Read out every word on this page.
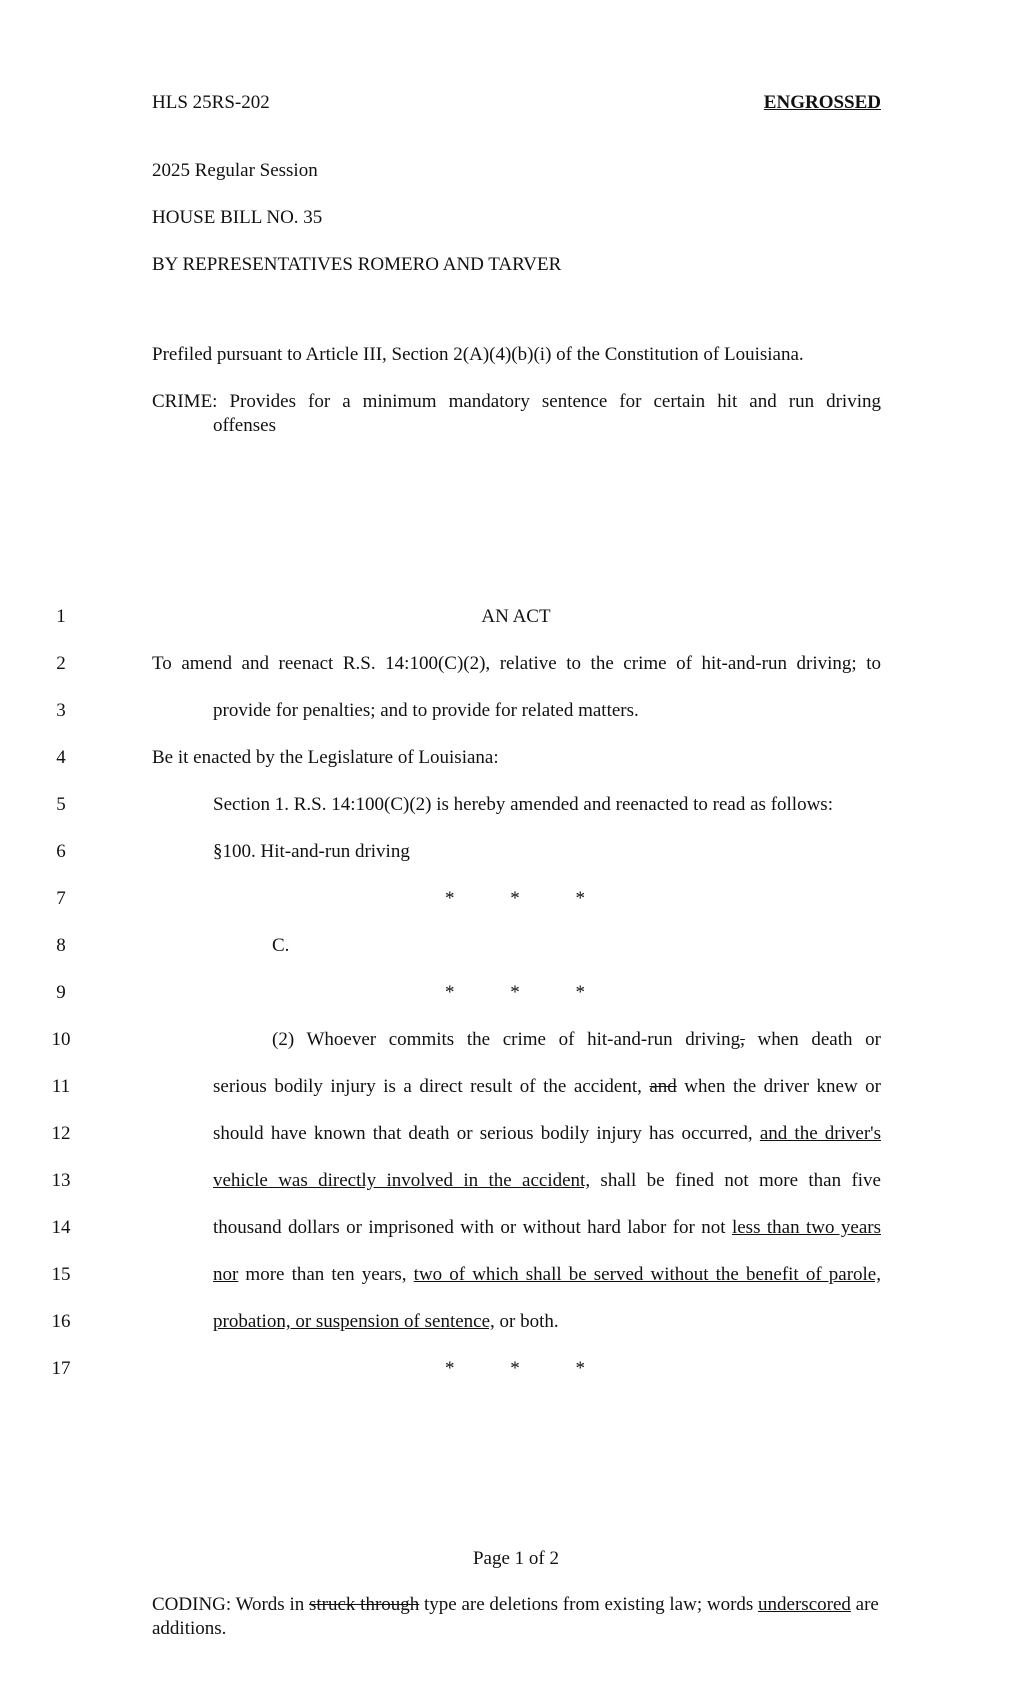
HLS 25RS-202	ENGROSSED
2025 Regular Session
HOUSE BILL NO. 35
BY REPRESENTATIVES ROMERO AND TARVER
Prefiled pursuant to Article III, Section 2(A)(4)(b)(i) of the Constitution of Louisiana.
CRIME: Provides for a minimum mandatory sentence for certain hit and run driving
offenses
1
2
3
4
5
6
7
8
9
10
11
12
13
14
15
16
17
AN ACT
To amend and reenact R.S. 14:100(C)(2), relative to the crime of hit-and-run driving; to
provide for penalties; and to provide for related matters.
Be it enacted by the Legislature of Louisiana:
Section 1. R.S. 14:100(C)(2) is hereby amended and reenacted to read as follows:
§100. Hit-and-run driving
*	*	*
C.
*	*	*
(2) Whoever commits the crime of hit-and-run driving, when death or
serious bodily injury is a direct result of the accident, and when the driver knew or
should have known that death or serious bodily injury has occurred, and the driver's
vehicle was directly involved in the accident, shall be fined not more than five
thousand dollars or imprisoned with or without hard labor for not less than two years
nor more than ten years, two of which shall be served without the benefit of parole,
probation, or suspension of sentence, or both.
*	*	*
Page 1 of 2
CODING: Words in struck through type are deletions from existing law; words underscored are additions.
